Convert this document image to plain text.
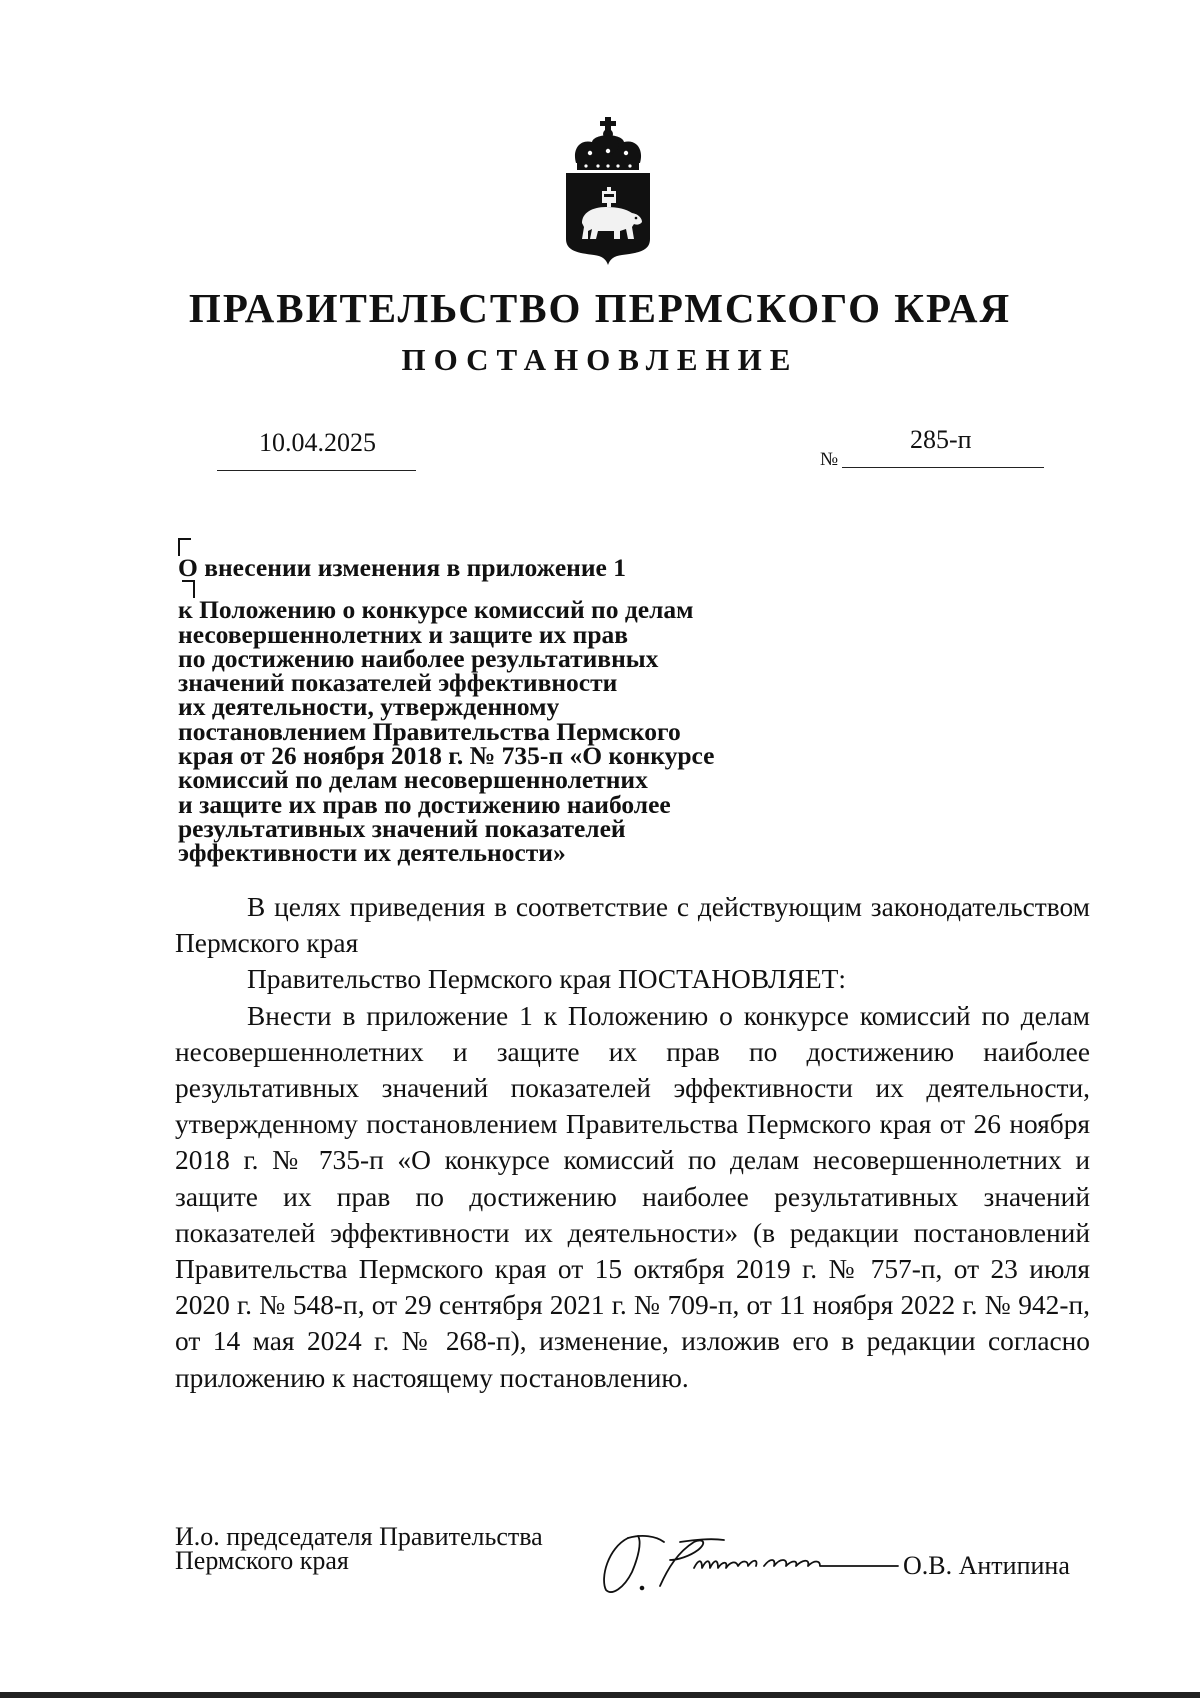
ПРАВИТЕЛЬСТВО ПЕРМСКОГО КРАЯ
ПОСТАНОВЛЕНИЕ
10.04.2025
№
285-п
О внесении изменения в приложение 1
к Положению о конкурсе комиссий по делам
несовершеннолетних и защите их прав
по достижению наиболее результативных
значений показателей эффективности
их деятельности, утвержденному
постановлением Правительства Пермского
края от 26 ноября 2018 г. № 735-п «О конкурсе
комиссий по делам несовершеннолетних
и защите их прав по достижению наиболее
результативных значений показателей
эффективности их деятельности»

В целях приведения в соответствие с действующим законодательством Пермского края

Правительство Пермского края ПОСТАНОВЛЯЕТ:

Внести в приложение 1 к Положению о конкурсе комиссий по делам несовершеннолетних и защите их прав по достижению наиболее результативных значений показателей эффективности их деятельности, утвержденному постановлением Правительства Пермского края от 26 ноября 2018 г. № 735-п «О конкурсе комиссий по делам несовершеннолетних и защите их прав по достижению наиболее результативных значений показателей эффективности их деятельности» (в редакции постановлений Правительства Пермского края от 15 октября 2019 г. № 757-п, от 23 июля 2020 г. № 548-п, от 29 сентября 2021 г. № 709-п, от 11 ноября 2022 г. № 942-п, от 14 мая 2024 г. № 268-п), изменение, изложив его в редакции согласно приложению к настоящему постановлению.

И.о. председателя Правительства
Пермского края	О.В. Антипина
